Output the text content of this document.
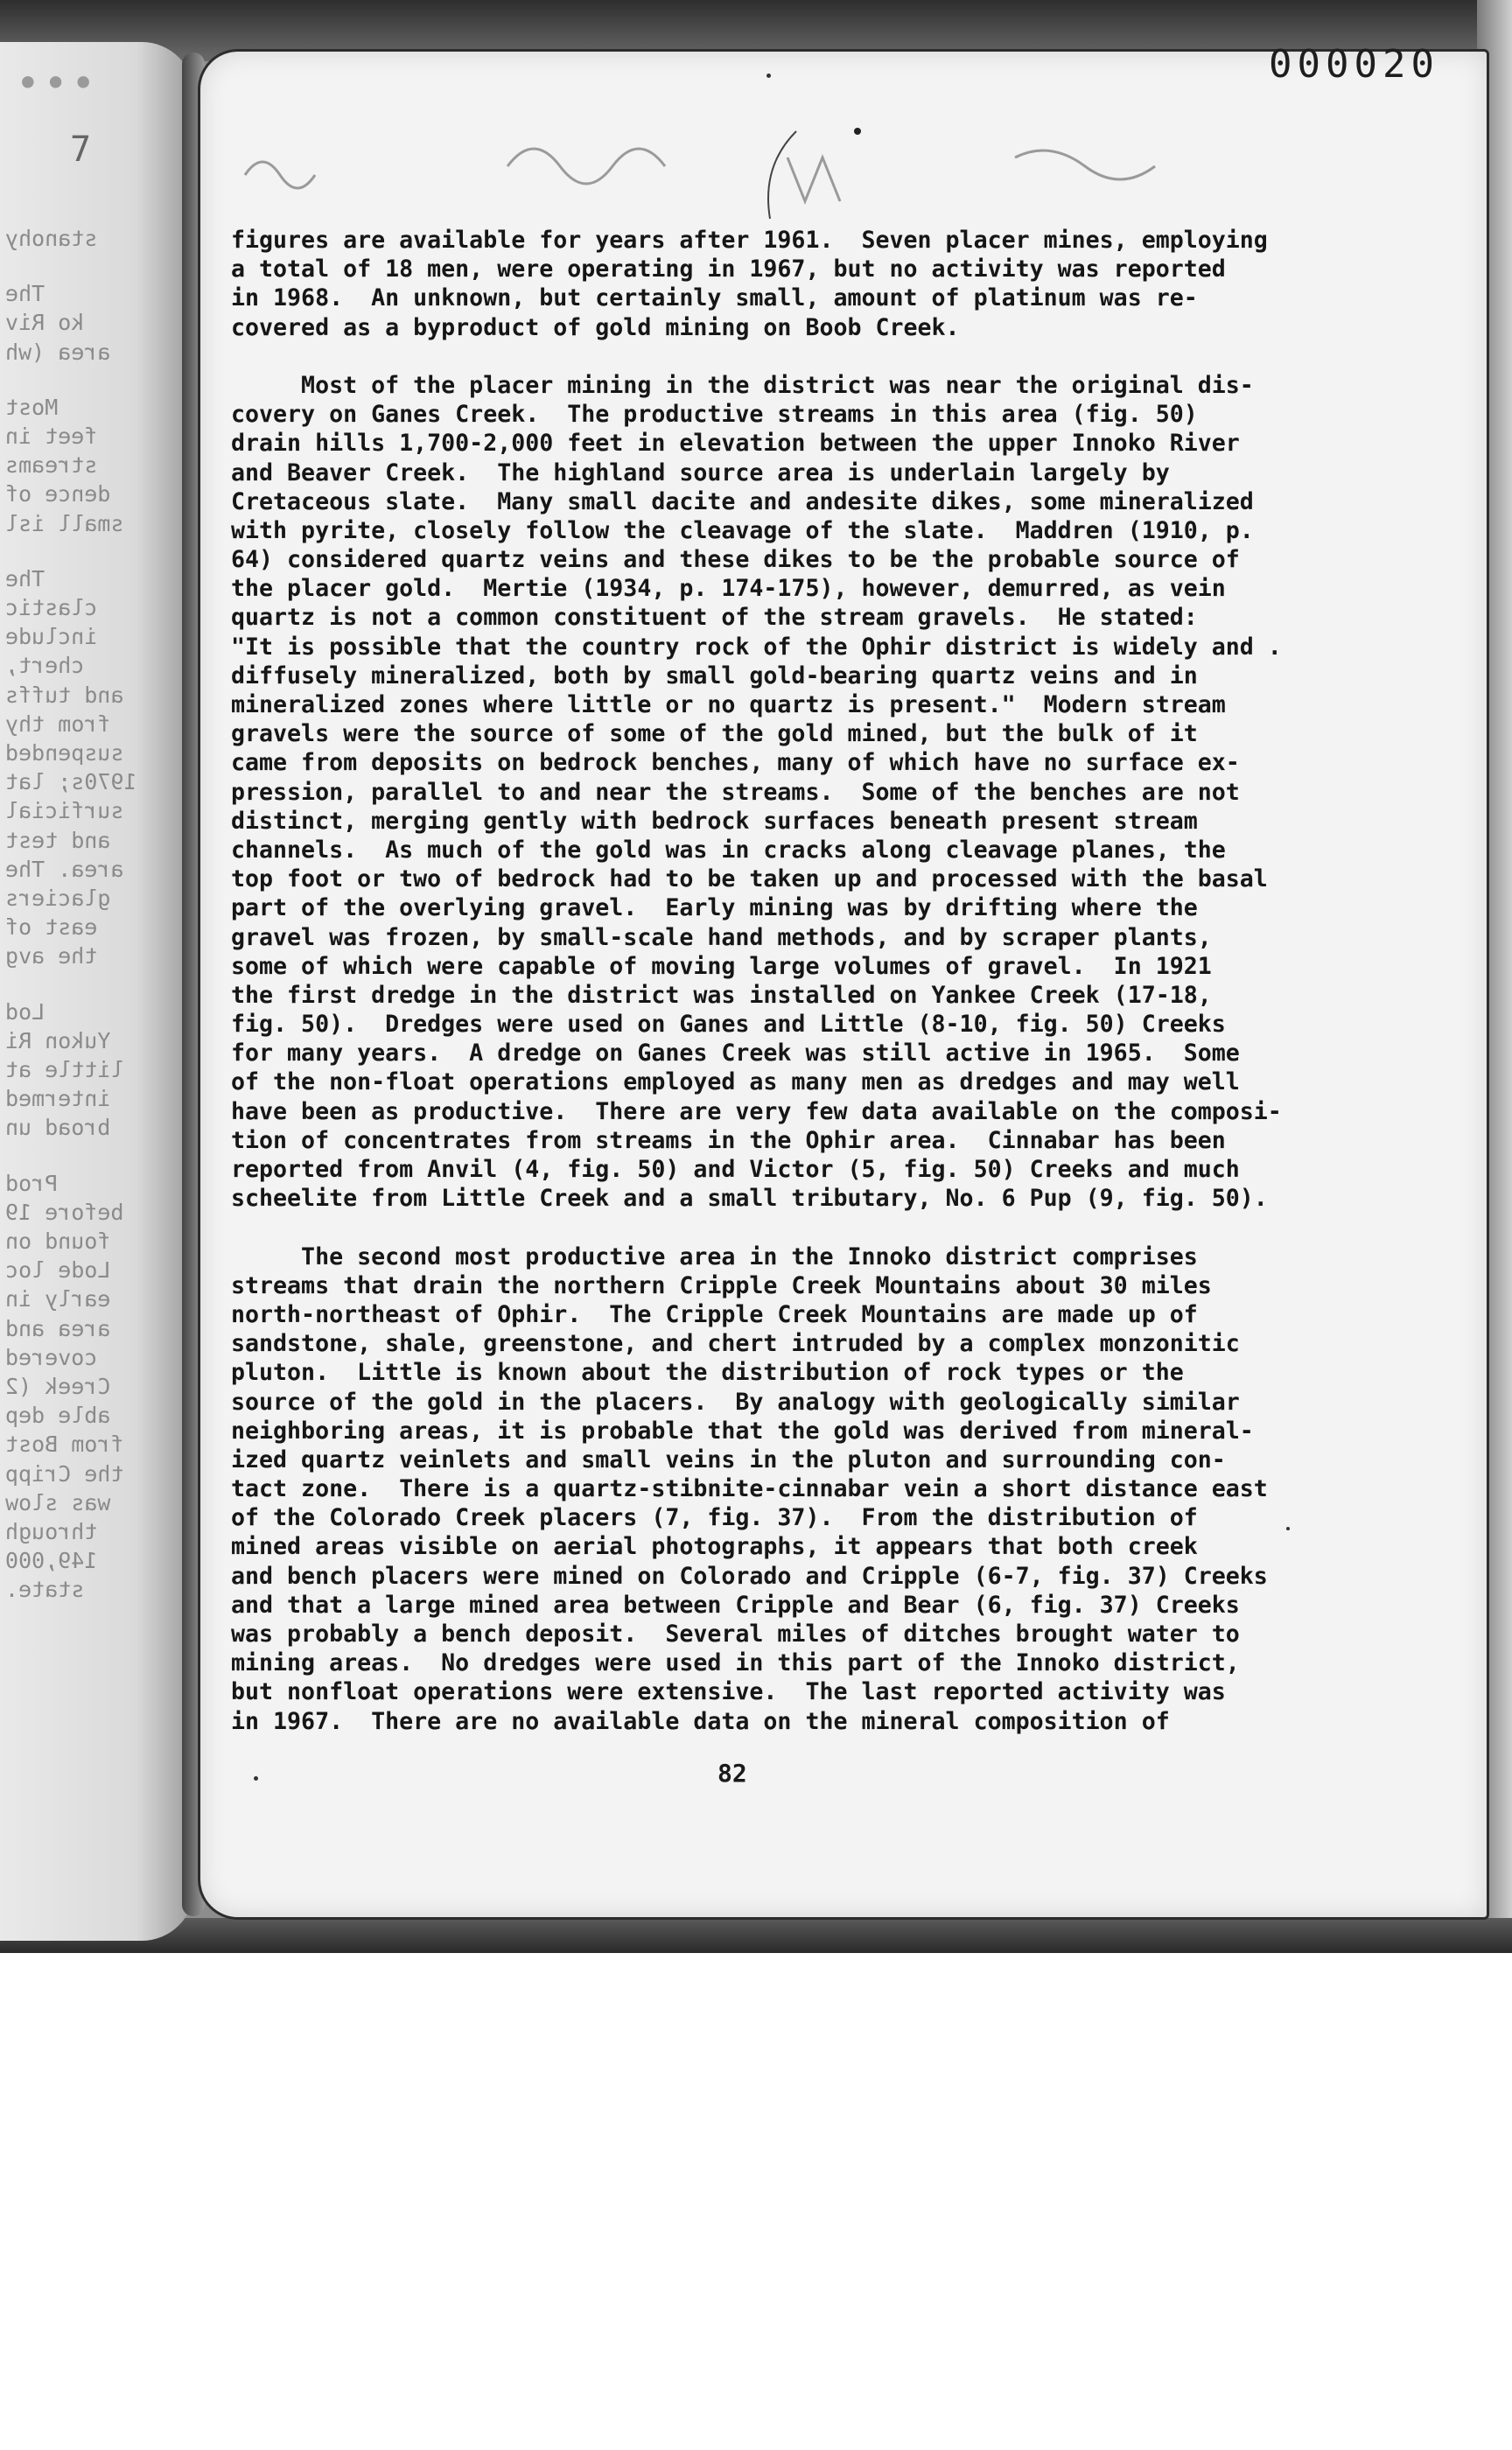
•••
7
stanohy
The
ko Riv
area (wh
Most
feet in
streams
dence of
small isl
The
clastic
include
chert,
and tuffs
from thy
suspended
1970s; lat
surficial
and test
area. The
glaciers
east of
the avg
Lod
Yukon Ri
little at
intermed
broad un
Prod
before 19
found on
Lode loc
early in
area and
covered
Creek (2
able dep
from Bost
the Cripp
was slow
through
149,000
state.
000020
figures are available for years after 1961.  Seven placer mines, employing
a total of 18 men, were operating in 1967, but no activity was reported
in 1968.  An unknown, but certainly small, amount of platinum was re-
covered as a byproduct of gold mining on Boob Creek.
Most of the placer mining in the district was near the original dis-
covery on Ganes Creek.  The productive streams in this area (fig. 50)
drain hills 1,700-2,000 feet in elevation between the upper Innoko River
and Beaver Creek.  The highland source area is underlain largely by
Cretaceous slate.  Many small dacite and andesite dikes, some mineralized
with pyrite, closely follow the cleavage of the slate.  Maddren (1910, p.
64) considered quartz veins and these dikes to be the probable source of
the placer gold.  Mertie (1934, p. 174-175), however, demurred, as vein
quartz is not a common constituent of the stream gravels.  He stated:
"It is possible that the country rock of the Ophir district is widely and .
diffusely mineralized, both by small gold-bearing quartz veins and in
mineralized zones where little or no quartz is present."  Modern stream
gravels were the source of some of the gold mined, but the bulk of it
came from deposits on bedrock benches, many of which have no surface ex-
pression, parallel to and near the streams.  Some of the benches are not
distinct, merging gently with bedrock surfaces beneath present stream
channels.  As much of the gold was in cracks along cleavage planes, the
top foot or two of bedrock had to be taken up and processed with the basal
part of the overlying gravel.  Early mining was by drifting where the
gravel was frozen, by small-scale hand methods, and by scraper plants,
some of which were capable of moving large volumes of gravel.  In 1921
the first dredge in the district was installed on Yankee Creek (17-18,
fig. 50).  Dredges were used on Ganes and Little (8-10, fig. 50) Creeks
for many years.  A dredge on Ganes Creek was still active in 1965.  Some
of the non-float operations employed as many men as dredges and may well
have been as productive.  There are very few data available on the composi-
tion of concentrates from streams in the Ophir area.  Cinnabar has been
reported from Anvil (4, fig. 50) and Victor (5, fig. 50) Creeks and much
scheelite from Little Creek and a small tributary, No. 6 Pup (9, fig. 50).
The second most productive area in the Innoko district comprises
streams that drain the northern Cripple Creek Mountains about 30 miles
north-northeast of Ophir.  The Cripple Creek Mountains are made up of
sandstone, shale, greenstone, and chert intruded by a complex monzonitic
pluton.  Little is known about the distribution of rock types or the
source of the gold in the placers.  By analogy with geologically similar
neighboring areas, it is probable that the gold was derived from mineral-
ized quartz veinlets and small veins in the pluton and surrounding con-
tact zone.  There is a quartz-stibnite-cinnabar vein a short distance east
of the Colorado Creek placers (7, fig. 37).  From the distribution of
mined areas visible on aerial photographs, it appears that both creek
and bench placers were mined on Colorado and Cripple (6-7, fig. 37) Creeks
and that a large mined area between Cripple and Bear (6, fig. 37) Creeks
was probably a bench deposit.  Several miles of ditches brought water to
mining areas.  No dredges were used in this part of the Innoko district,
but nonfloat operations were extensive.  The last reported activity was
in 1967.  There are no available data on the mineral composition of
82
